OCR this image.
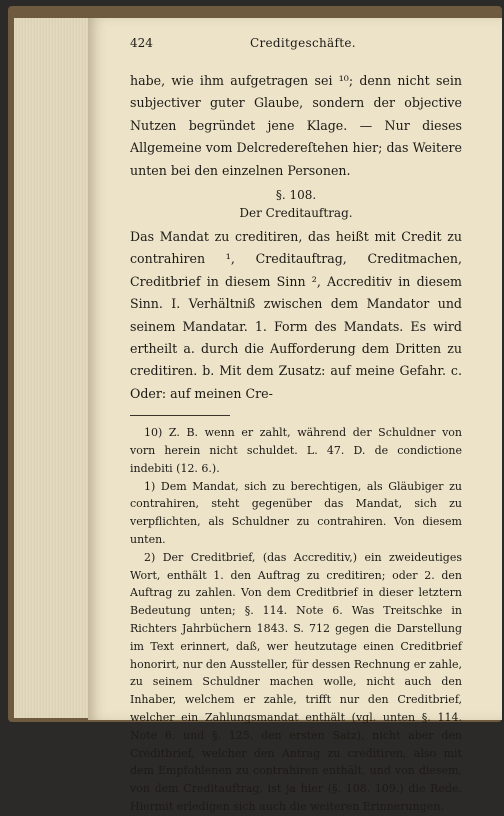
424	Creditgeschäfte.

habe, wie ihm aufgetragen sei ¹⁰; denn nicht sein subjectiver guter Glaube, sondern der objective Nutzen begründet jene Klage. — Nur dieses Allgemeine vom Delcredereſtehen hier; das Weitere unten bei den einzelnen Personen.

§. 108.
Der Creditauftrag.

Das Mandat zu creditiren, das heißt mit Credit zu contrahiren ¹, Creditauftrag, Creditmachen, Creditbrief in diesem Sinn ², Accreditiv in diesem Sinn. I. Verhältniß zwischen dem Mandator und seinem Mandatar. 1. Form des Mandats. Es wird ertheilt a. durch die Aufforderung dem Dritten zu creditiren. b. Mit dem Zusatz: auf meine Gefahr. c. Oder: auf meinen Cre-

10) Z. B. wenn er zahlt, während der Schuldner von vorn herein nicht schuldet. L. 47. D. de condictione indebiti (12. 6.).

1) Dem Mandat, sich zu berechtigen, als Gläubiger zu contrahiren, steht gegenüber das Mandat, sich zu verpflichten, als Schuldner zu contrahiren. Von diesem unten.

2) Der Creditbrief, (das Accreditiv,) ein zweideutiges Wort, enthält 1. den Auftrag zu creditiren; oder 2. den Auftrag zu zahlen. Von dem Creditbrief in dieser letztern Bedeutung unten; §. 114. Note 6. Was Treitschke in Richters Jahrbüchern 1843. S. 712 gegen die Darstellung im Text erinnert, daß, wer heutzutage einen Creditbrief honorirt, nur den Aussteller, für dessen Rechnung er zahle, zu seinem Schuldner machen wolle, nicht auch den Inhaber, welchem er zahle, trifft nur den Creditbrief, welcher ein Zahlungsmandat enthält (vgl. unten §. 114. Note 6. und §. 125. den ersten Satz), nicht aber den Creditbrief, welcher den Antrag zu creditiren, also mit dem Empfohlenen zu contrahiren enthält, und von diesem, von dem Creditauftrag, ist ja hier (§. 108. 109.) die Rede. Hiermit erledigen sich auch die weiteren Erinnerungen.
